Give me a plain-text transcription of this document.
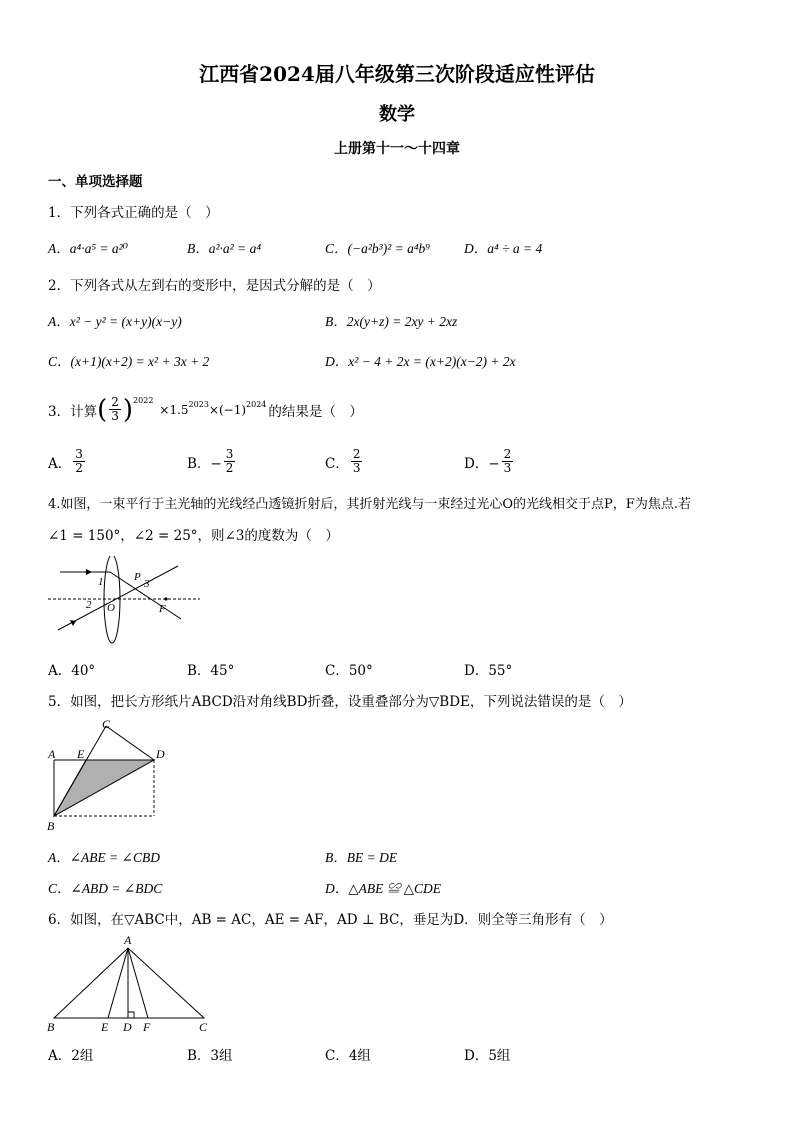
江西省2024届八年级第三次阶段适应性评估
数学
上册第十一～十四章
一、单项选择题
1．下列各式正确的是（　）
A．a⁴·a⁵ = a²⁰	B．a²·a² = a⁴	C．(−a²b³)² = a⁴b⁹	D．a⁴ ÷ a = 4
2．下列各式从左到右的变形中，是因式分解的是（　）
A．x² − y² = (x+y)(x−y)	B．2x(y+z) = 2xy + 2xz
C．(x+1)(x+2) = x² + 3x + 2	D．x² − 4 + 2x = (x+2)(x−2) + 2x
3．计算 ( $\frac{2}{3} )^{2022}$
$\times 1.5^{2023} \times(-1)^{2024}$ 的结果是（　）
A． $\frac{3}{2}$	B．− $\frac{3}{2}$	C． $\frac{2}{3}$	D．− $\frac{2}{3}$
4.如图，一束平行于主光轴的光线经凸透镜折射后，其折射光线与一束经过光心O的光线相交于点P，F为焦点.若
∠1 = 150°，∠2 = 25°，则∠3的度数为（　）
1
2
3
P
O	F
A．40°	B．45°	C．50°	D．55°
5．如图，把长方形纸片ABCD沿对角线BD折叠，设重叠部分为▽BDE，下列说法错误的是（　）
A
B
C
D
E
A．∠ABE = ∠CBD	B．BE = DE
C．∠ABD = ∠BDC	D．△ABE ≌ △CDE
6．如图，在▽ABC中，AB = AC，AE = AF，AD ⊥ BC，垂足为D．则全等三角形有（　）
A
B	E D F	C
A．2组	B．3组	C．4组	D．5组
